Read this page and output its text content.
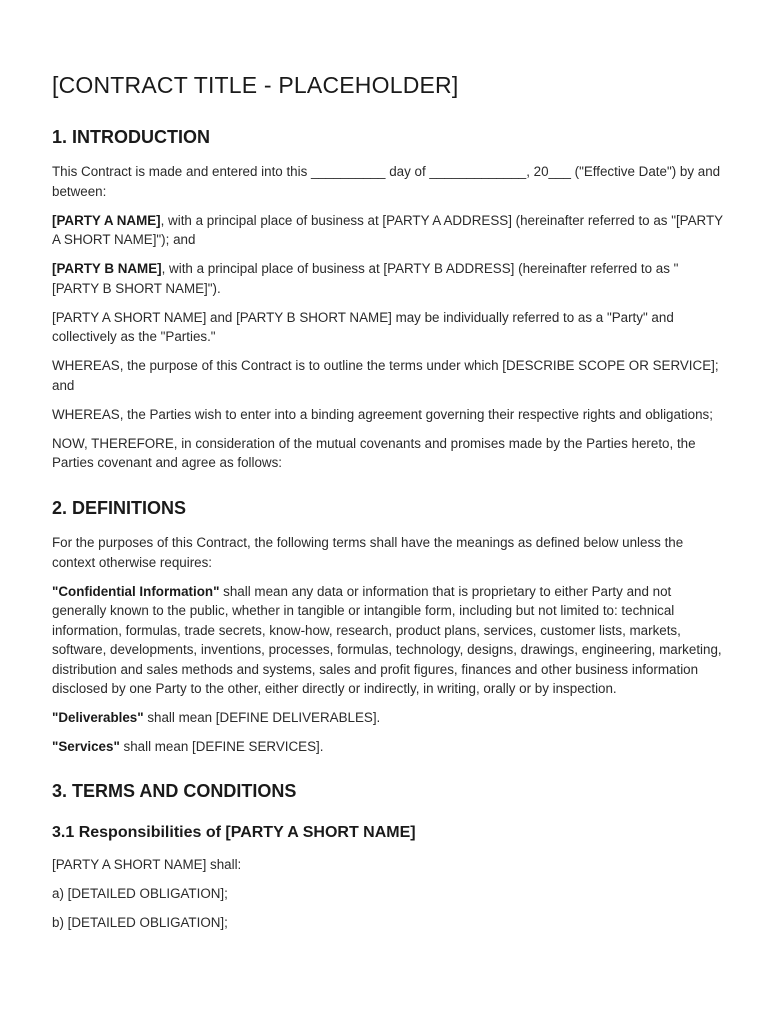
[CONTRACT TITLE - PLACEHOLDER]
1. INTRODUCTION

This Contract is made and entered into this __________ day of _____________, 20___ ("Effective Date") by and between:

[PARTY A NAME], with a principal place of business at [PARTY A ADDRESS] (hereinafter referred to as "[PARTY A SHORT NAME]"); and

[PARTY B NAME], with a principal place of business at [PARTY B ADDRESS] (hereinafter referred to as "[PARTY B SHORT NAME]").

[PARTY A SHORT NAME] and [PARTY B SHORT NAME] may be individually referred to as a "Party" and collectively as the "Parties."

WHEREAS, the purpose of this Contract is to outline the terms under which [DESCRIBE SCOPE OR SERVICE]; and

WHEREAS, the Parties wish to enter into a binding agreement governing their respective rights and obligations;

NOW, THEREFORE, in consideration of the mutual covenants and promises made by the Parties hereto, the Parties covenant and agree as follows:

2. DEFINITIONS

For the purposes of this Contract, the following terms shall have the meanings as defined below unless the context otherwise requires:

"Confidential Information" shall mean any data or information that is proprietary to either Party and not generally known to the public, whether in tangible or intangible form, including but not limited to: technical information, formulas, trade secrets, know-how, research, product plans, services, customer lists, markets, software, developments, inventions, processes, formulas, technology, designs, drawings, engineering, marketing, distribution and sales methods and systems, sales and profit figures, finances and other business information disclosed by one Party to the other, either directly or indirectly, in writing, orally or by inspection.

"Deliverables" shall mean [DEFINE DELIVERABLES].

"Services" shall mean [DEFINE SERVICES].

3. TERMS AND CONDITIONS
3.1 Responsibilities of [PARTY A SHORT NAME]

[PARTY A SHORT NAME] shall:

a) [DETAILED OBLIGATION];

b) [DETAILED OBLIGATION];
